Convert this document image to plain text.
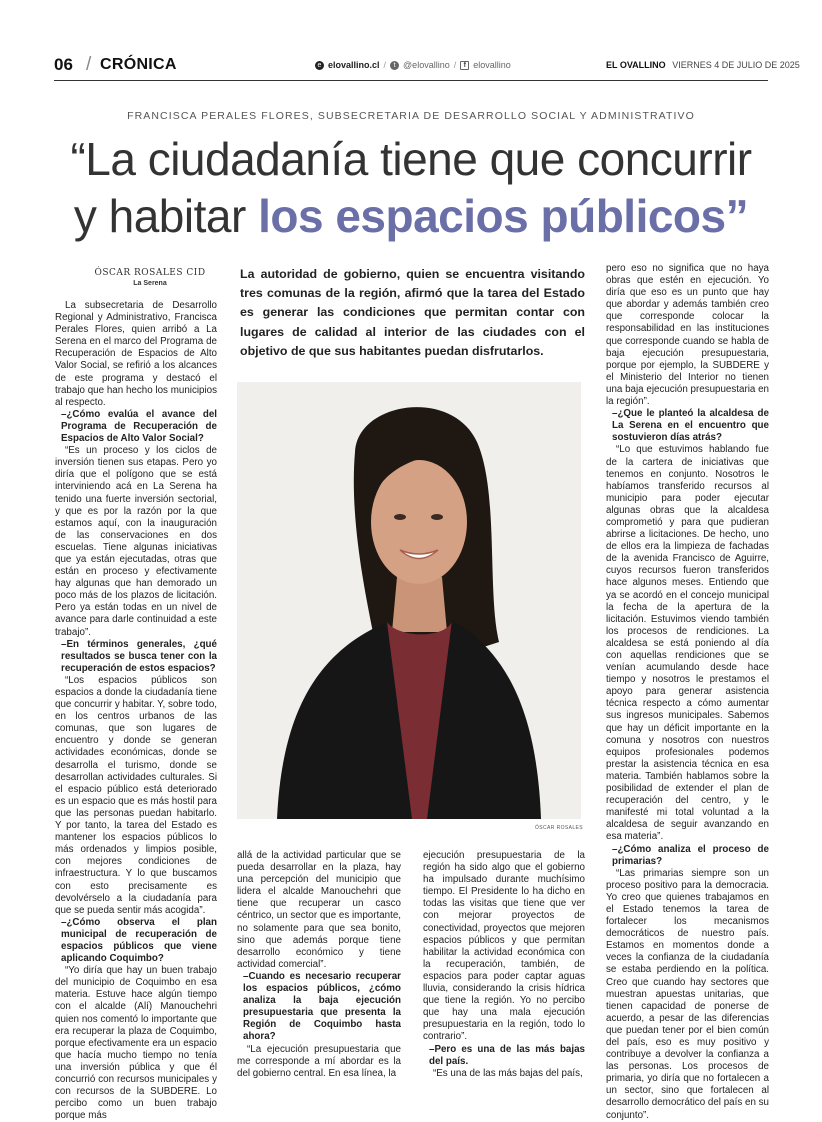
06 / CRÓNICA	e elovallino.cl /	t @elovallino /	f elovallino	EL OVALLINO VIERNES 4 DE JULIO DE 2025
FRANCISCA PERALES FLORES, SUBSECRETARIA DE DESARROLLO SOCIAL Y ADMINISTRATIVO
“La ciudadanía tiene que concurrir
y habitar los espacios públicos”
ÓSCAR ROSALES CID
La Serena

La autoridad de gobierno, quien se encuentra visitando tres comunas de la región, afirmó que la tarea del Estado es generar las condiciones que permitan contar con lugares de calidad al interior de las ciudades con el objetivo de que sus habitantes puedan disfrutarlos.

ÓSCAR ROSALES

La subsecretaria de Desarrollo Regional y Administrativo, Francisca Perales Flores, quien arribó a La Serena en el marco del Programa de Recuperación de Espacios de Alto Valor Social, se refirió a los alcances de este programa y destacó el trabajo que han hecho los municipios al respecto.

–¿Cómo evalúa el avance del Programa de Recuperación de Espacios de Alto Valor Social?

“Es un proceso y los ciclos de inversión tienen sus etapas. Pero yo diría que el polígono que se está interviniendo acá en La Serena ha tenido una fuerte inversión sectorial, y que es por la razón por la que estamos aquí, con la inauguración de las conservaciones en dos escuelas. Tiene algunas iniciativas que ya están ejecutadas, otras que están en proceso y efectivamente hay algunas que han demorado un poco más de los plazos de licitación. Pero ya están todas en un nivel de avance para darle continuidad a este trabajo”.

–En términos generales, ¿qué resultados se busca tener con la recuperación de estos espacios?

“Los espacios públicos son espacios a donde la ciudadanía tiene que concurrir y habitar. Y, sobre todo, en los centros urbanos de las comunas, que son lugares de encuentro y donde se generan actividades económicas, donde se desarrolla el turismo, donde se desarrollan actividades culturales. Si el espacio público está deteriorado es un espacio que es más hostil para que las personas puedan habitarlo. Y por tanto, la tarea del Estado es mantener los espacios públicos lo más ordenados y limpios posible, con mejores condiciones de infraestructura. Y lo que buscamos con esto precisamente es devolvérselo a la ciudadanía para que se pueda sentir más acogida”.

–¿Cómo observa el plan municipal de recuperación de espacios públicos que viene aplicando Coquimbo?

“Yo diría que hay un buen trabajo del municipio de Coquimbo en esa materia. Estuve hace algún tiempo con el alcalde (Alí) Manouchehri quien nos comentó lo importante que era recuperar la plaza de Coquimbo, porque efectivamente era un espacio que hacía mucho tiempo no tenía una inversión pública y que él concurrió con recursos municipales y con recursos de la SUBDERE. Lo percibo como un buen trabajo porque más

allá de la actividad particular que se pueda desarrollar en la plaza, hay una percepción del municipio que lidera el alcalde Manouchehri que tiene que recuperar un casco céntrico, un sector que es importante, no solamente para que sea bonito, sino que además porque tiene desarrollo económico y tiene actividad comercial”.

–Cuando es necesario recuperar los espacios públicos, ¿cómo analiza la baja ejecución presupuestaria que presenta la Región de Coquimbo hasta ahora?

“La ejecución presupuestaria que me corresponde a mí abordar es la del gobierno central. En esa línea, la

ejecución presupuestaria de la región ha sido algo que el gobierno ha impulsado durante muchísimo tiempo. El Presidente lo ha dicho en todas las visitas que tiene que ver con mejorar proyectos de conectividad, proyectos que mejoren espacios públicos y que permitan habilitar la actividad económica con la recuperación, también, de espacios para poder captar aguas lluvia, considerando la crisis hídrica que tiene la región. Yo no percibo que hay una mala ejecución presupuestaria en la región, todo lo contrario”.

–Pero es una de las más bajas del país.

“Es una de las más bajas del país,

pero eso no significa que no haya obras que estén en ejecución. Yo diría que eso es un punto que hay que abordar y además también creo que corresponde colocar la responsabilidad en las instituciones que corresponde cuando se habla de baja ejecución presupuestaria, porque por ejemplo, la SUBDERE y el Ministerio del Interior no tienen una baja ejecución presupuestaria en la región”.

–¿Que le planteó la alcaldesa de La Serena en el encuentro que sostuvieron días atrás?

“Lo que estuvimos hablando fue de la cartera de iniciativas que tenemos en conjunto. Nosotros le habíamos transferido recursos al municipio para poder ejecutar algunas obras que la alcaldesa comprometió y para que pudieran abrirse a licitaciones. De hecho, uno de ellos era la limpieza de fachadas de la avenida Francisco de Aguirre, cuyos recursos fueron transferidos hace algunos meses. Entiendo que ya se acordó en el concejo municipal la fecha de la apertura de la licitación. Estuvimos viendo también los procesos de rendiciones. La alcaldesa se está poniendo al día con aquellas rendiciones que se venían acumulando desde hace tiempo y nosotros le prestamos el apoyo para generar asistencia técnica respecto a cómo aumentar sus ingresos municipales. Sabemos que hay un déficit importante en la comuna y nosotros con nuestros equipos profesionales podemos prestar la asistencia técnica en esa materia. También hablamos sobre la posibilidad de extender el plan de recuperación del centro, y le manifesté mi total voluntad a la alcaldesa de seguir avanzando en esa materia”.

–¿Cómo analiza el proceso de primarias?

“Las primarias siempre son un proceso positivo para la democracia. Yo creo que quienes trabajamos en el Estado tenemos la tarea de fortalecer los mecanismos democráticos de nuestro país. Estamos en momentos donde a veces la confianza de la ciudadanía se estaba perdiendo en la política. Creo que cuando hay sectores que muestran apuestas unitarias, que tienen capacidad de ponerse de acuerdo, a pesar de las diferencias que puedan tener por el bien común del país, eso es muy positivo y contribuye a devolver la confianza a las personas. Los procesos de primaria, yo diría que no fortalecen a un sector, sino que fortalecen al desarrollo democrático del país en su conjunto”.
